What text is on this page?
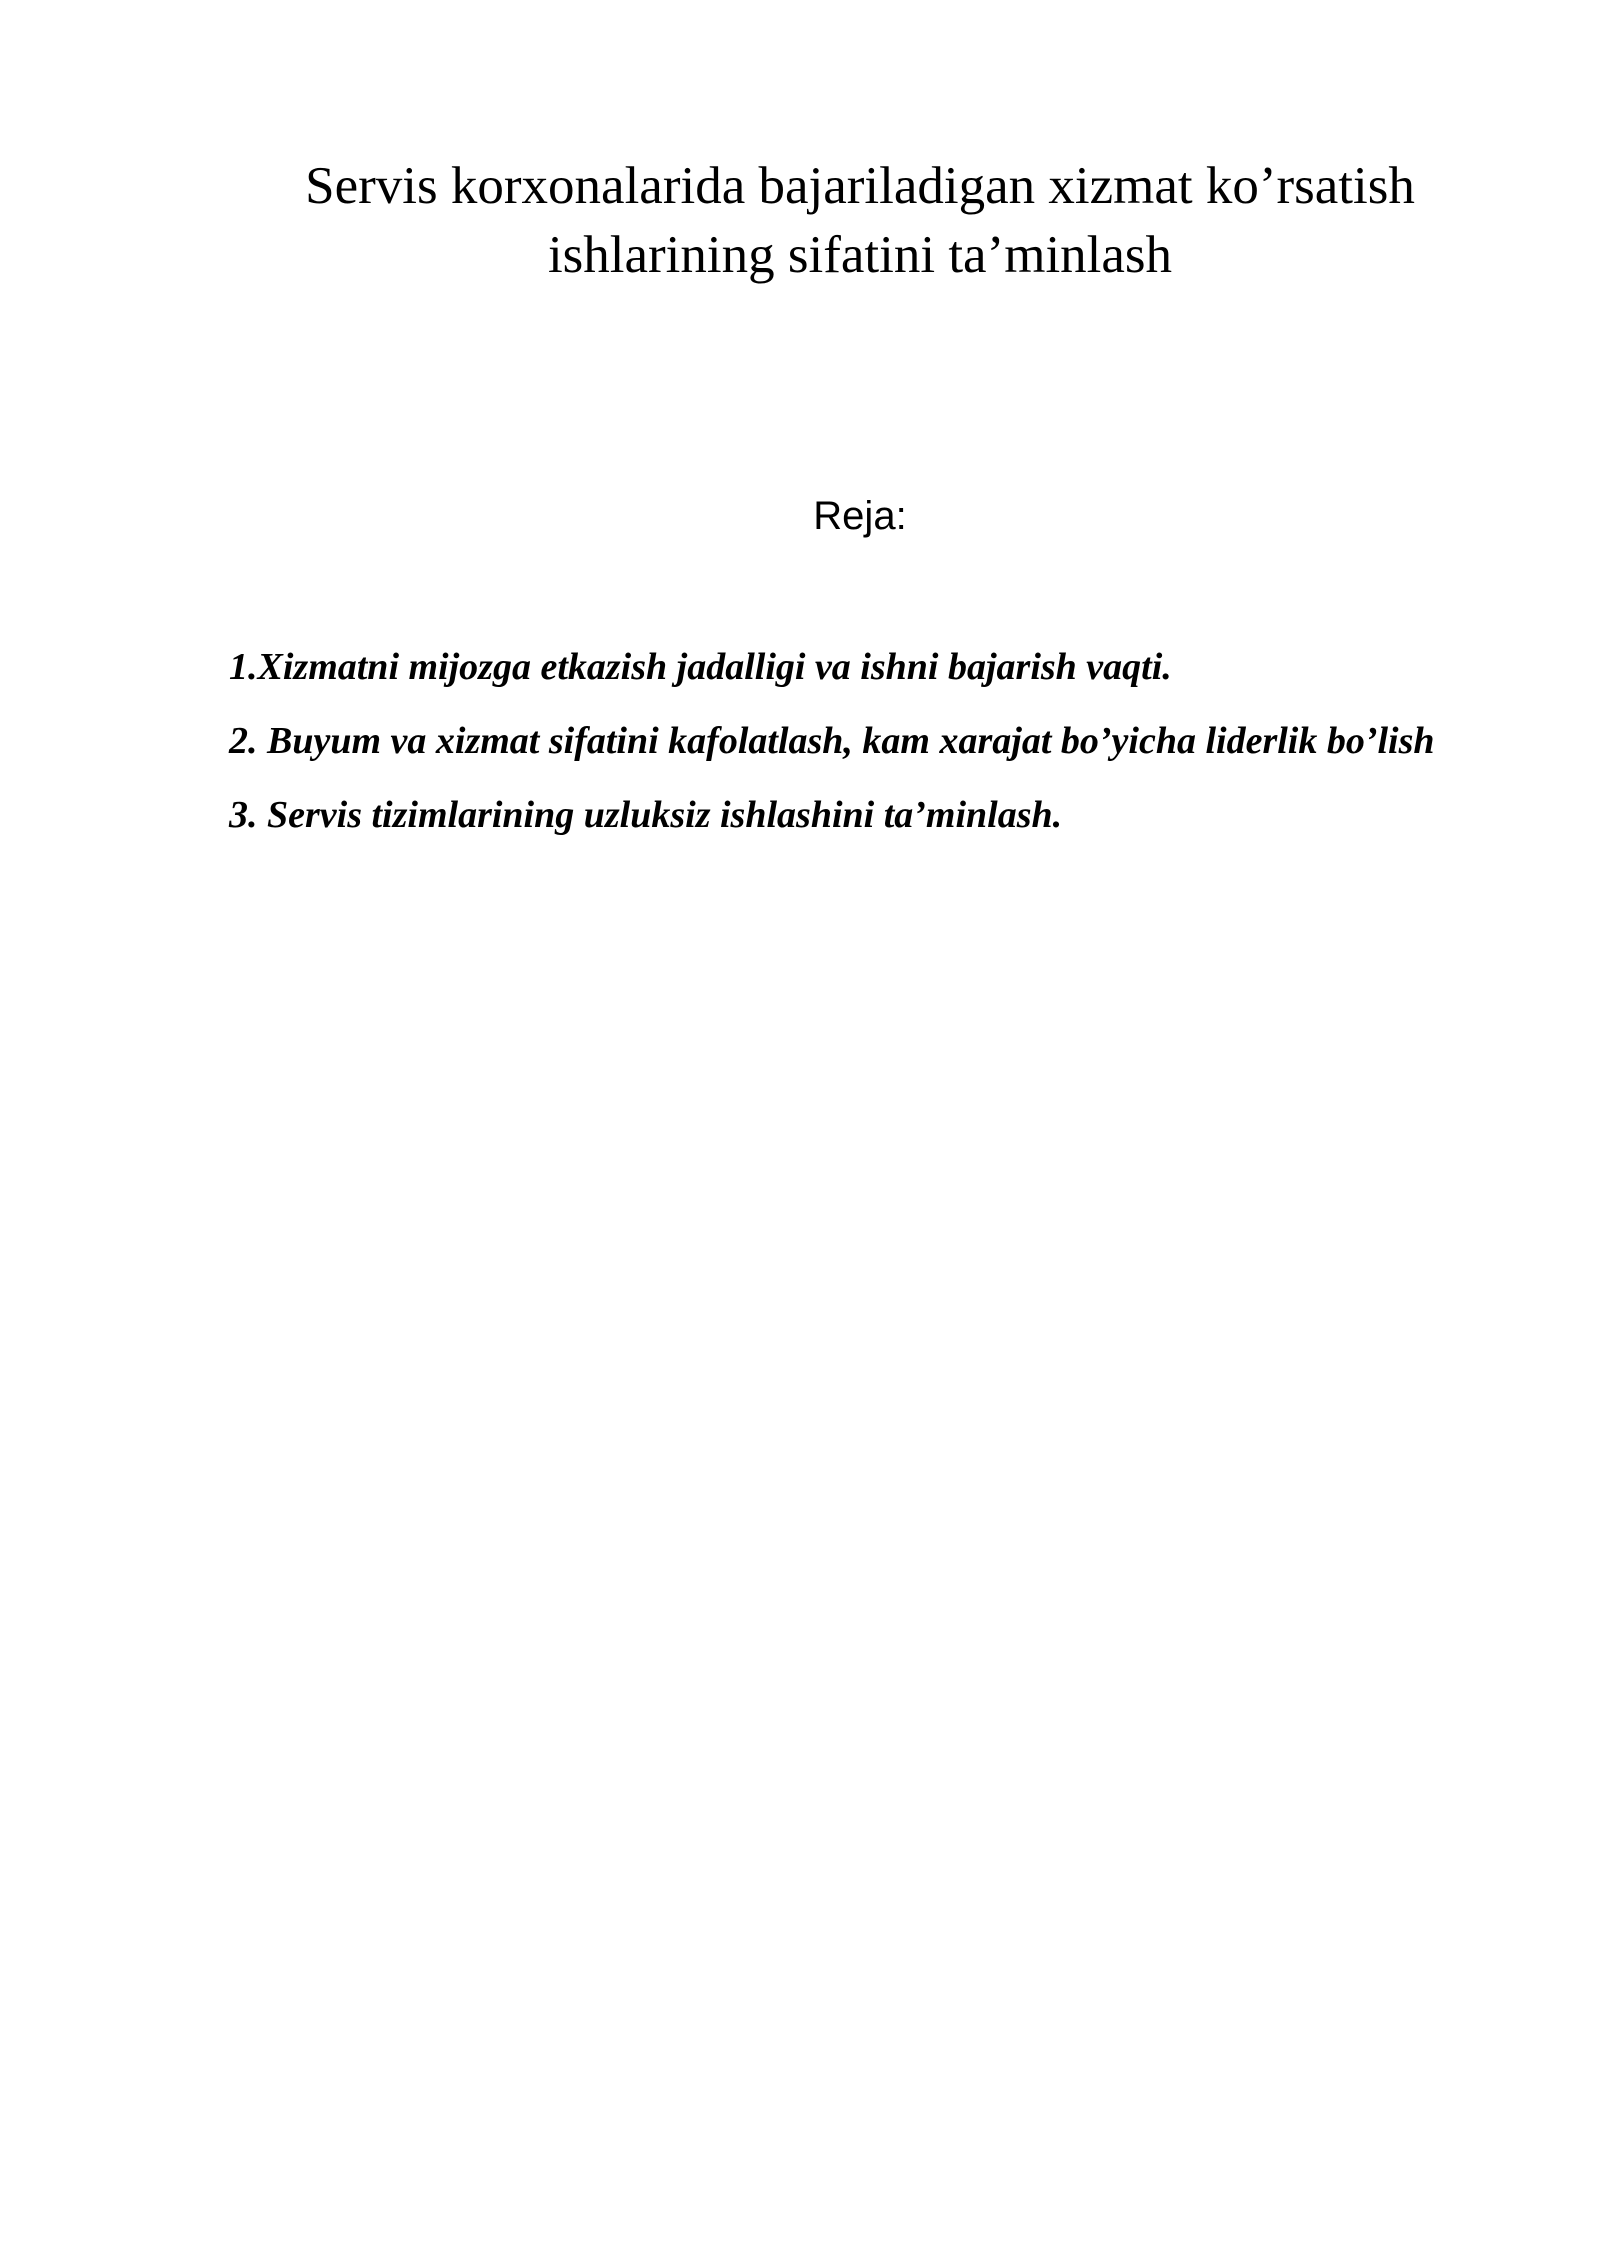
Servis korxonalarida bajariladigan xizmat ko’rsatish
ishlarining sifatini ta’minlash
Reja:
1.Xizmatni mijozga etkazish jadalligi va ishni bajarish vaqti.
2. Buyum va xizmat sifatini kafolatlash, kam xarajat bo’yicha liderlik bo’lish
3. Servis tizimlarining uzluksiz ishlashini ta’minlash.
